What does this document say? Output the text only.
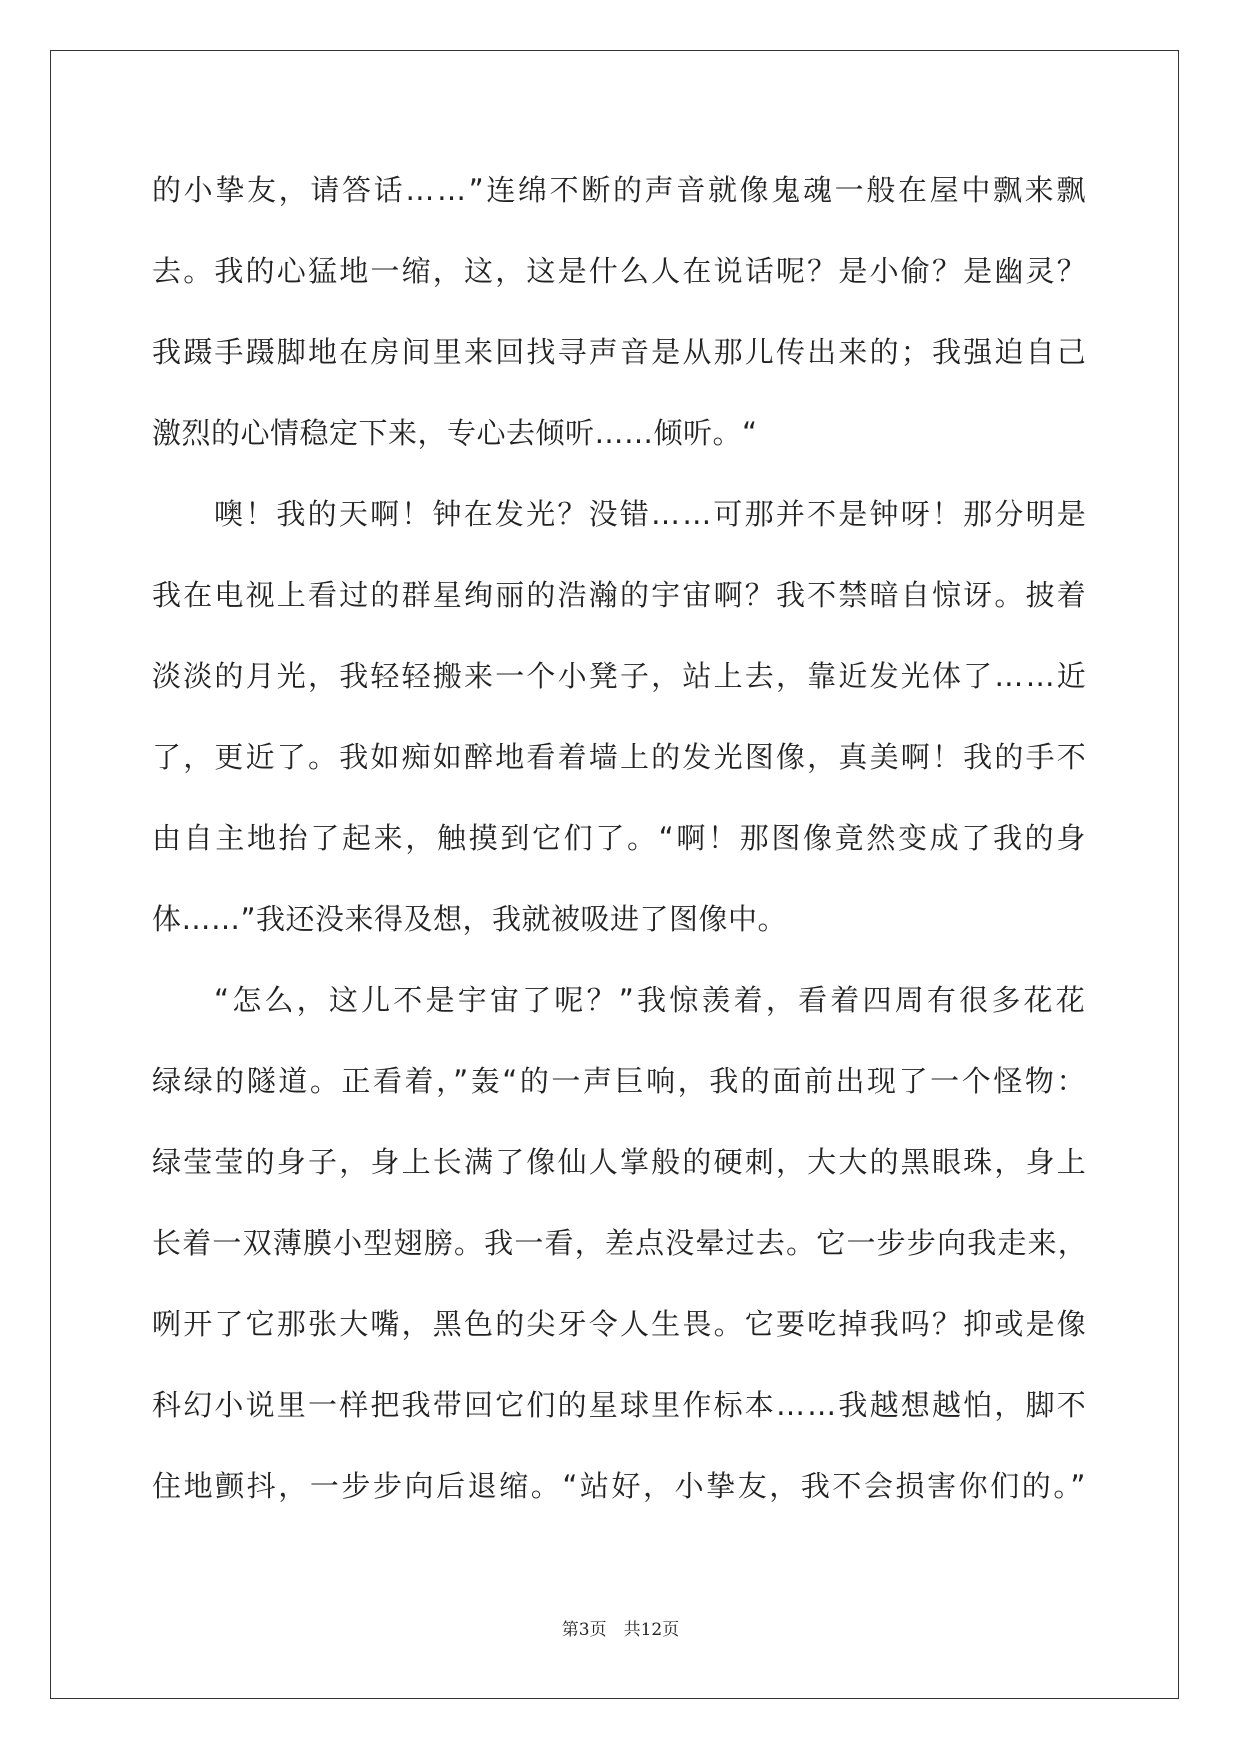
的小挚友，请答话……”连绵不断的声音就像鬼魂一般在屋中飘来飘
去。我的心猛地一缩，这，这是什么人在说话呢？是小偷？是幽灵？
我蹑手蹑脚地在房间里来回找寻声音是从那儿传出来的；我强迫自己
激烈的心情稳定下来，专心去倾听……倾听。“
噢！我的天啊！钟在发光？没错……可那并不是钟呀！那分明是
我在电视上看过的群星绚丽的浩瀚的宇宙啊？我不禁暗自惊讶。披着
淡淡的月光，我轻轻搬来一个小凳子，站上去，靠近发光体了……近
了，更近了。我如痴如醉地看着墙上的发光图像，真美啊！我的手不
由自主地抬了起来，触摸到它们了。“啊！那图像竟然变成了我的身
体……”我还没来得及想，我就被吸进了图像中。
“怎么，这儿不是宇宙了呢？”我惊羡着，看着四周有很多花花
绿绿的隧道。正看着，”轰“的一声巨响，我的面前出现了一个怪物：
绿莹莹的身子，身上长满了像仙人掌般的硬刺，大大的黑眼珠，身上
长着一双薄膜小型翅膀。我一看，差点没晕过去。它一步步向我走来，
咧开了它那张大嘴，黑色的尖牙令人生畏。它要吃掉我吗？抑或是像
科幻小说里一样把我带回它们的星球里作标本……我越想越怕，脚不
住地颤抖，一步步向后退缩。“站好，小挚友，我不会损害你们的。”
第3页　共12页
